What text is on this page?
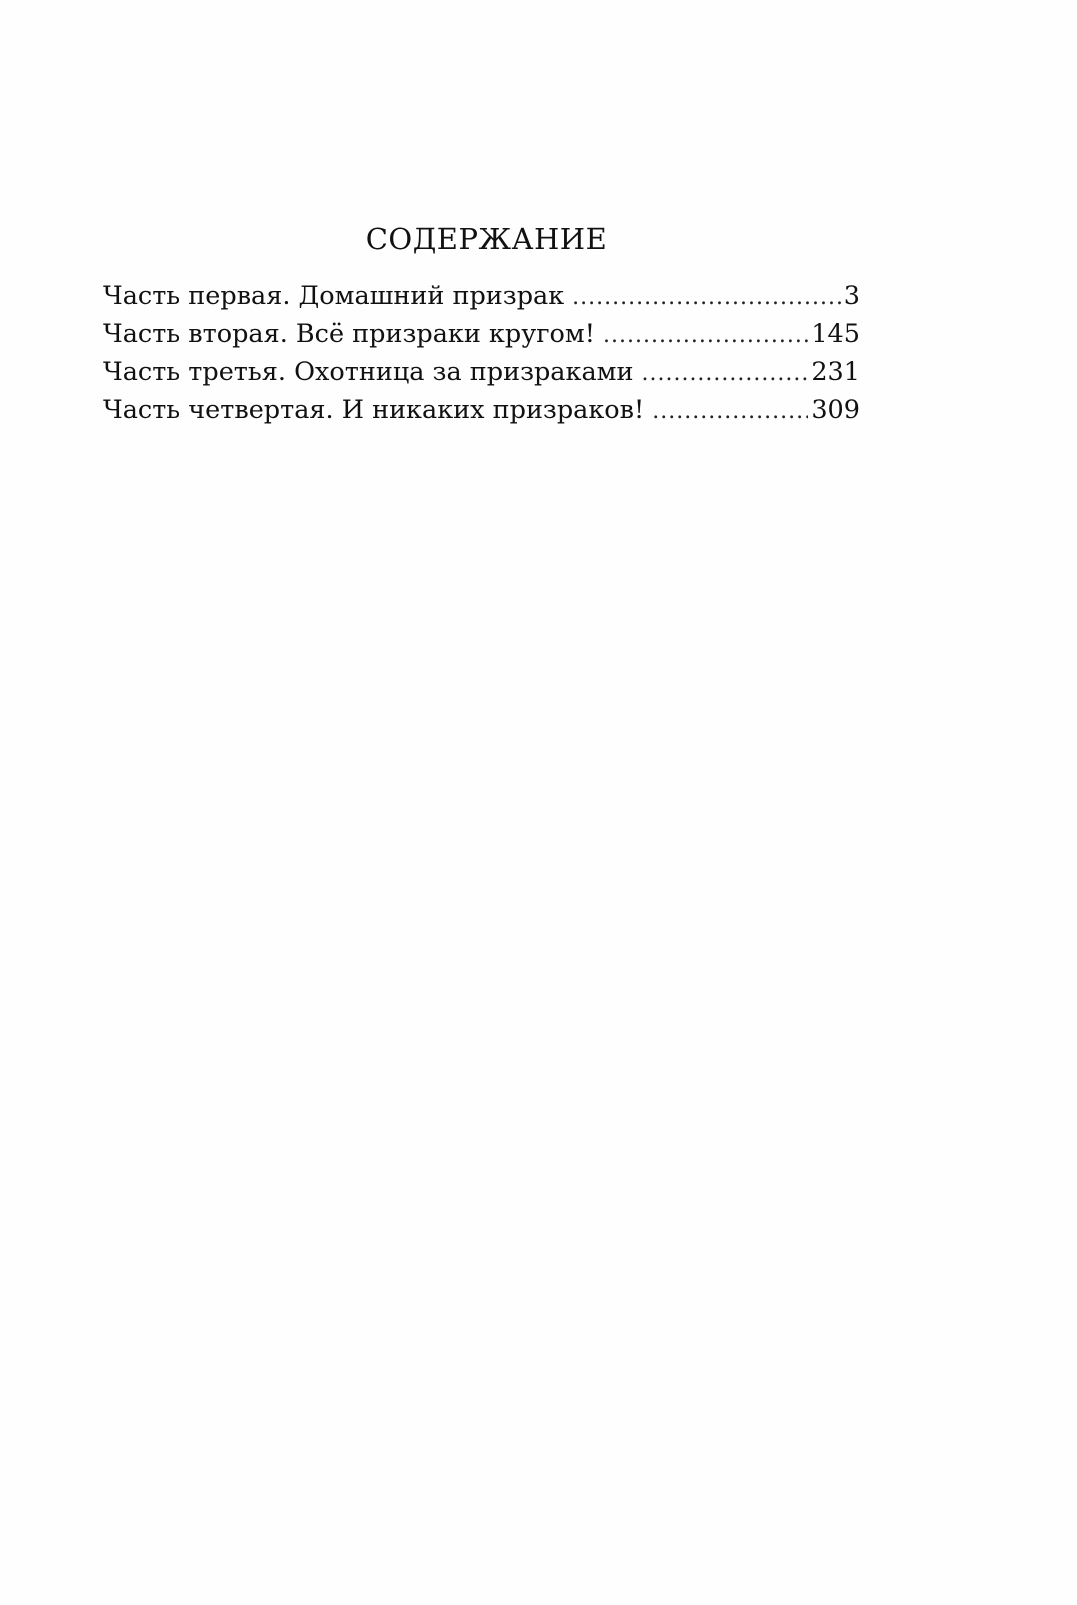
СОДЕРЖАНИЕ
Часть первая. Домашний призрак .....	3
Часть вторая. Всё призраки кругом! .....	145
Часть третья. Охотница за призраками .....	231
Часть четвертая. И никаких призраков! .....	309
